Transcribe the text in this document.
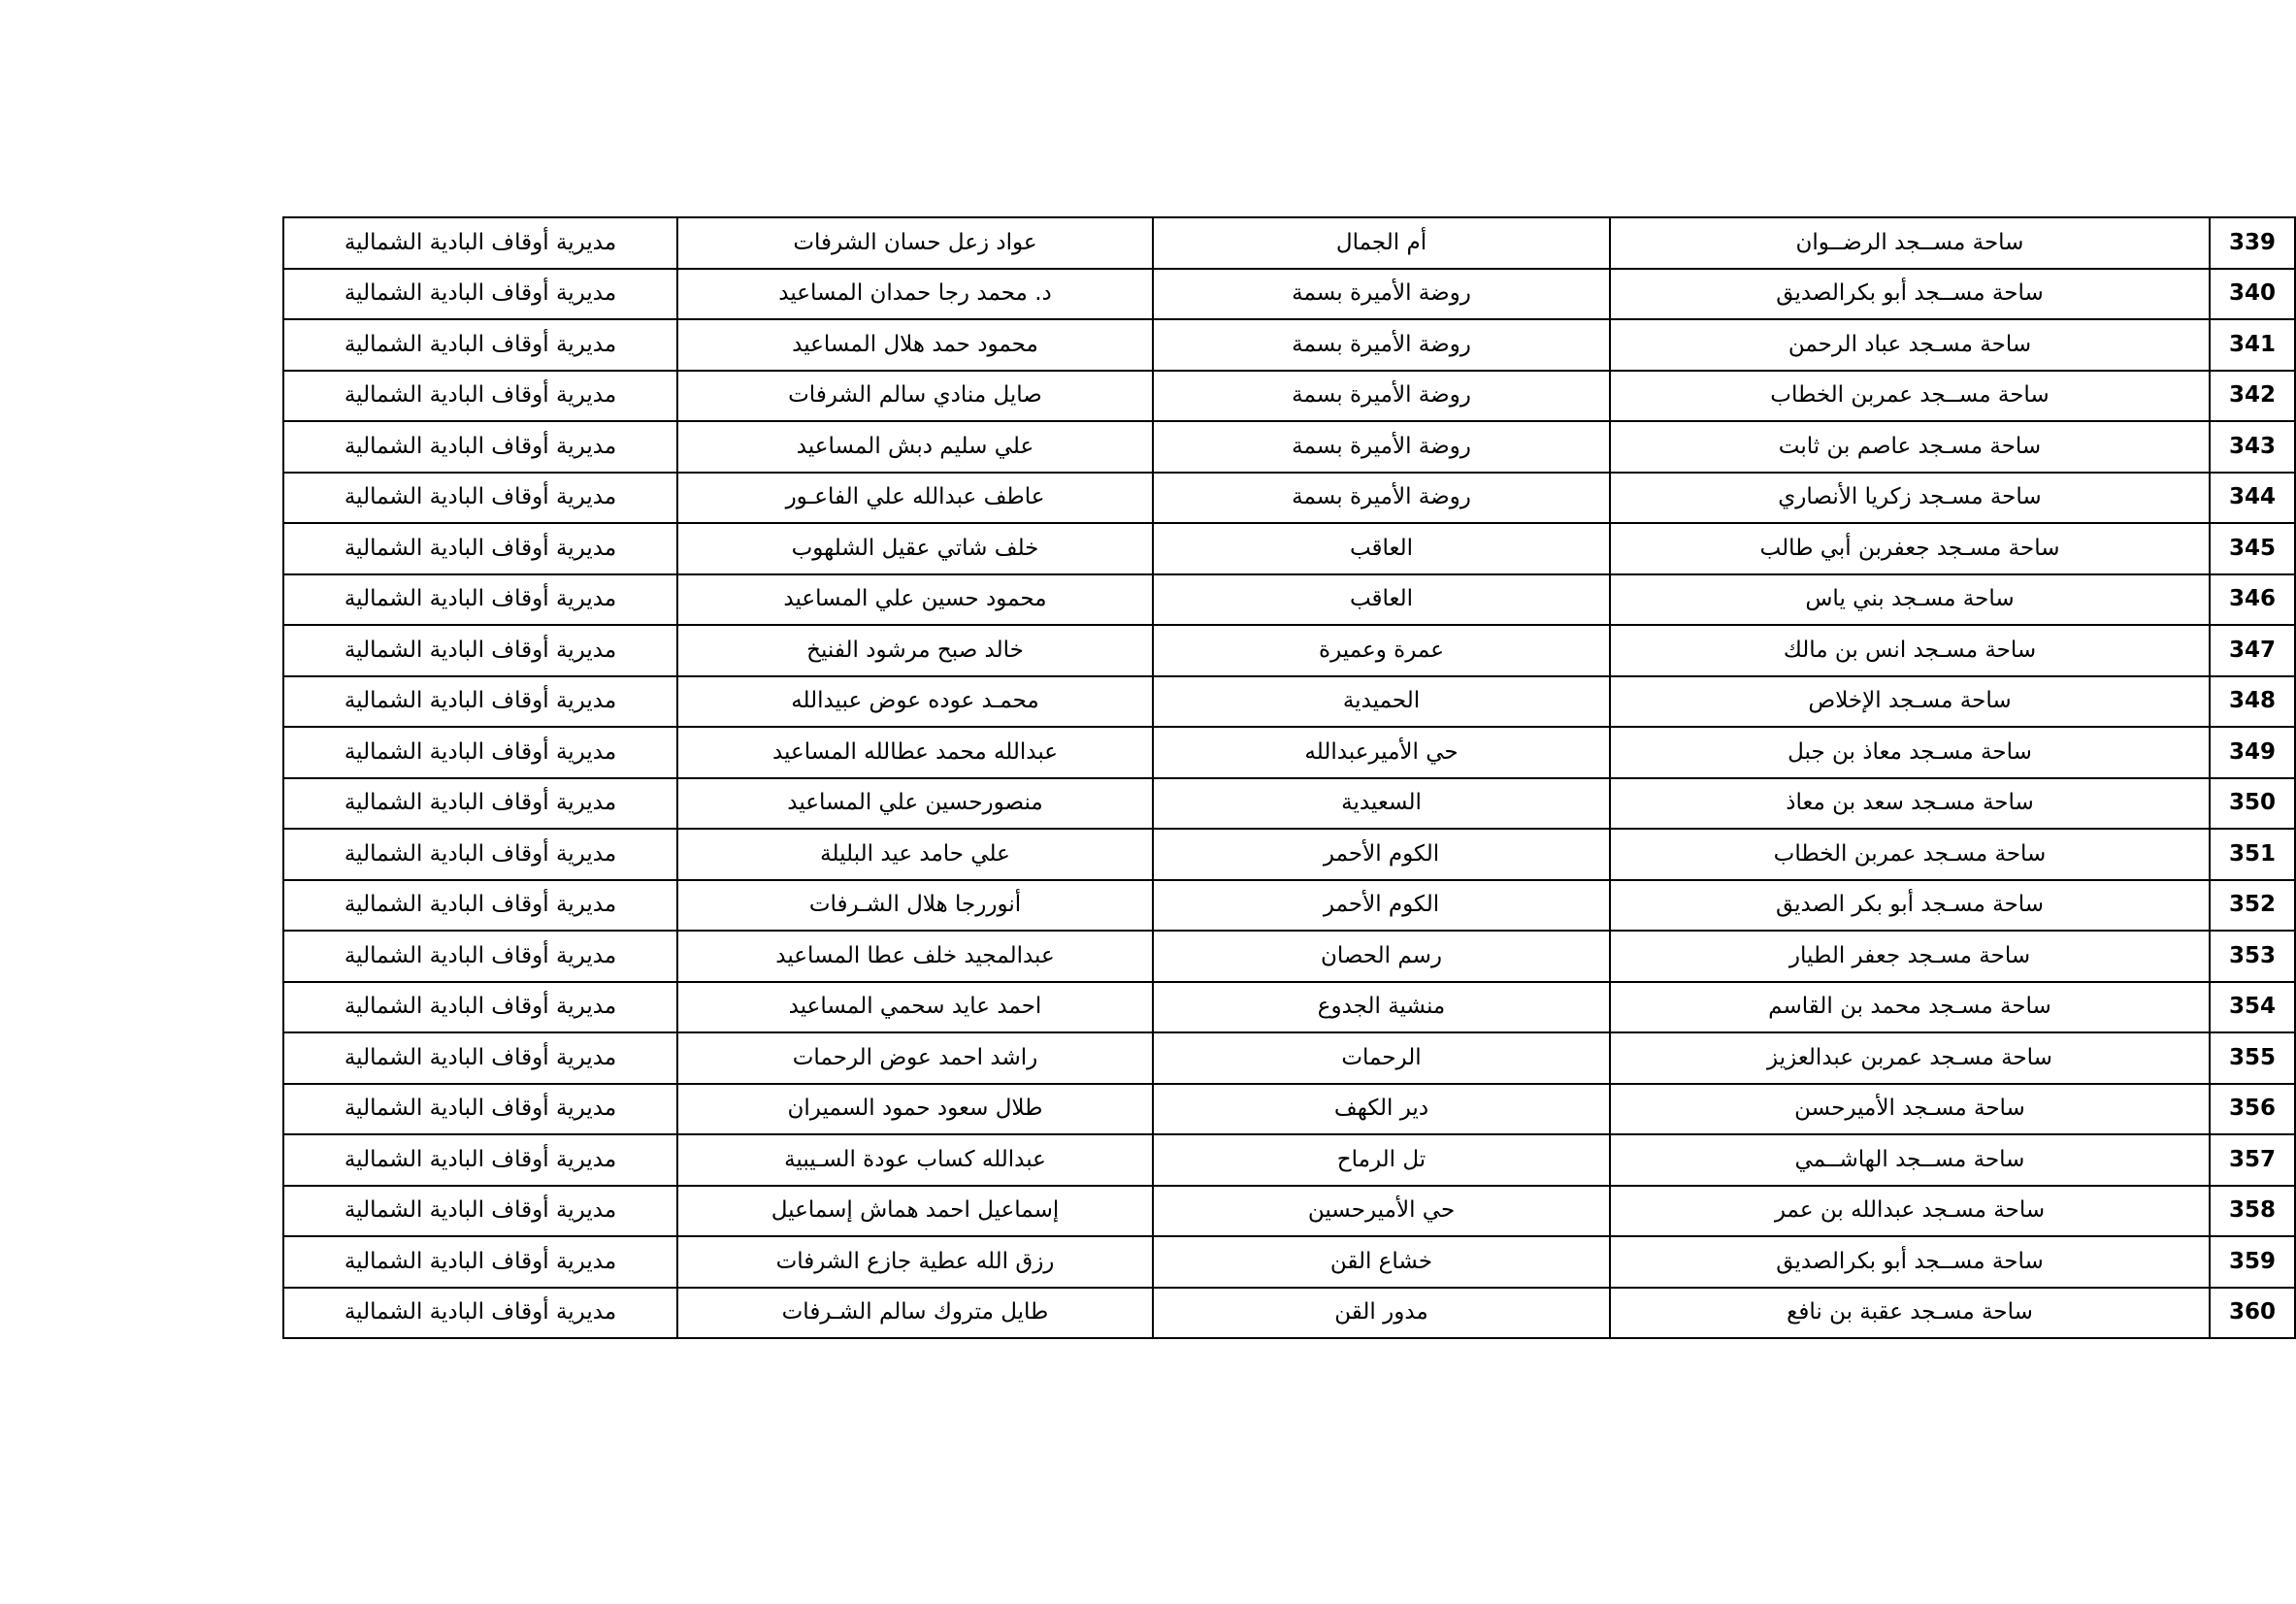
339	ساحة مســجد الرضــوان	أم الجمال	عواد زعل حسان الشرفات	مديرية أوقاف البادية الشمالية
340	ساحة مســجد أبو بكرالصديق	روضة الأميرة بسمة	د. محمد رجا حمدان المساعيد	مديرية أوقاف البادية الشمالية
341	ساحة مسـجد عباد الرحمن	روضة الأميرة بسمة	محمود حمد هلال المساعيد	مديرية أوقاف البادية الشمالية
342	ساحة مســجد عمربن الخطاب	روضة الأميرة بسمة	صايل منادي سالم الشرفات	مديرية أوقاف البادية الشمالية
343	ساحة مسـجد عاصم بن ثابت	روضة الأميرة بسمة	علي سليم دبش المساعيد	مديرية أوقاف البادية الشمالية
344	ساحة مسـجد زكريا الأنصاري	روضة الأميرة بسمة	عاطف عبدالله علي الفاعـور	مديرية أوقاف البادية الشمالية
345	ساحة مسـجد جعفربن أبي طالب	العاقب	خلف شاتي عقيل الشلهوب	مديرية أوقاف البادية الشمالية
346	ساحة مسـجد بني ياس	العاقب	محمود حسين علي المساعيد	مديرية أوقاف البادية الشمالية
347	ساحة مسـجد انس بن مالك	عمرة وعميرة	خالد صبح مرشود الفنيخ	مديرية أوقاف البادية الشمالية
348	ساحة مسـجد الإخلاص	الحميدية	محمـد عوده عوض عبيدالله	مديرية أوقاف البادية الشمالية
349	ساحة مسـجد معاذ بن جبل	حي الأميرعبدالله	عبدالله محمد عطالله المساعيد	مديرية أوقاف البادية الشمالية
350	ساحة مسـجد سعد بن معاذ	السعيدية	منصورحسين علي المساعيد	مديرية أوقاف البادية الشمالية
351	ساحة مسـجد عمربن الخطاب	الكوم الأحمر	علي حامد عيد البليلة	مديرية أوقاف البادية الشمالية
352	ساحة مسـجد أبو بكر الصديق	الكوم الأحمر	أنوررجا هلال الشـرفات	مديرية أوقاف البادية الشمالية
353	ساحة مسـجد جعفر الطيار	رسم الحصان	عبدالمجيد خلف عطا المساعيد	مديرية أوقاف البادية الشمالية
354	ساحة مسـجد محمد بن القاسم	منشية الجدوع	احمد عايد سحمي المساعيد	مديرية أوقاف البادية الشمالية
355	ساحة مسـجد عمربن عبدالعزيز	الرحمات	راشد احمد عوض الرحمات	مديرية أوقاف البادية الشمالية
356	ساحة مسـجد الأميرحسن	دير الكهف	طلال سعود حمود السميران	مديرية أوقاف البادية الشمالية
357	ساحة مســجد الهاشــمي	تل الرماح	عبدالله كساب عودة السـيبية	مديرية أوقاف البادية الشمالية
358	ساحة مسـجد عبدالله بن عمر	حي الأميرحسين	إسماعيل احمد هماش إسماعيل	مديرية أوقاف البادية الشمالية
359	ساحة مســجد أبو بكرالصديق	خشاع القن	رزق الله عطية جازع الشرفات	مديرية أوقاف البادية الشمالية
360	ساحة مسـجد عقبة بن نافع	مدور القن	طايل متروك سالم الشـرفات	مديرية أوقاف البادية الشمالية
